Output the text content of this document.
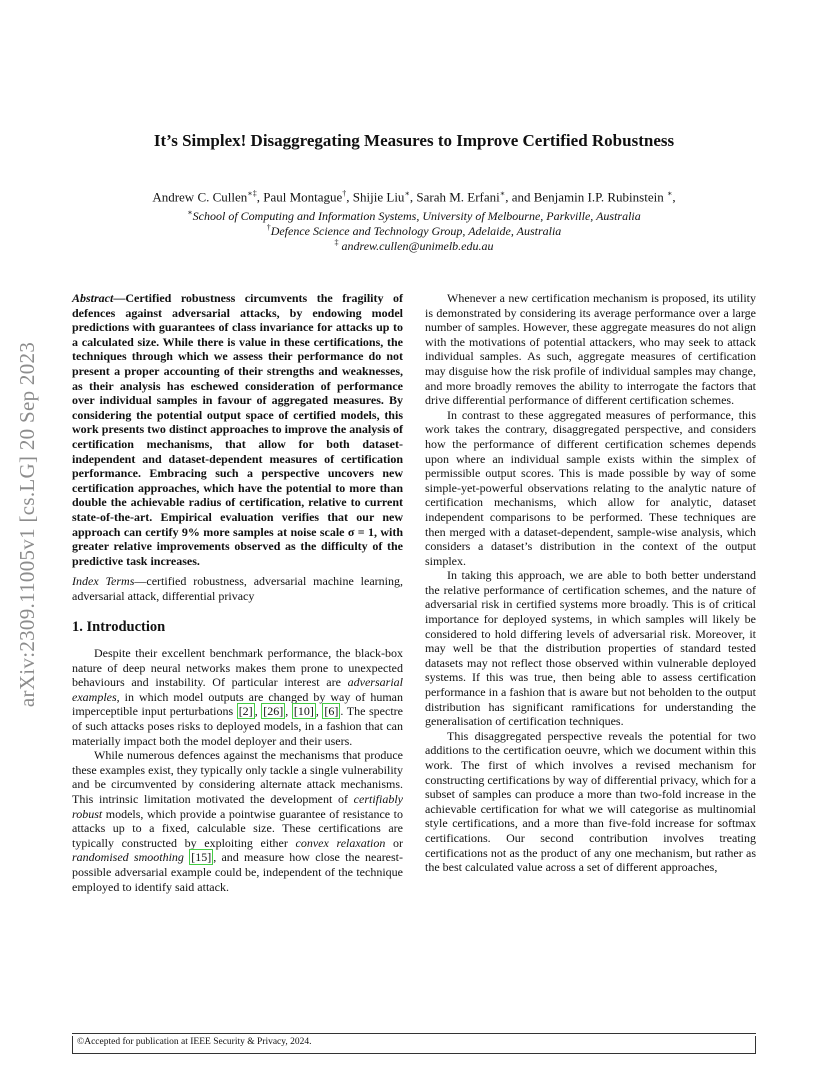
It’s Simplex! Disaggregating Measures to Improve Certified Robustness
Andrew C. Cullen∗‡, Paul Montague†, Shijie Liu∗, Sarah M. Erfani∗, and Benjamin I.P. Rubinstein ∗,
∗School of Computing and Information Systems, University of Melbourne, Parkville, Australia
†Defence Science and Technology Group, Adelaide, Australia
‡ andrew.cullen@unimelb.edu.au
arXiv:2309.11005v1 [cs.LG] 20 Sep 2023

Abstract—Certified robustness circumvents the fragility of defences against adversarial attacks, by endowing model predictions with guarantees of class invariance for attacks up to a calculated size. While there is value in these certifications, the techniques through which we assess their performance do not present a proper accounting of their strengths and weaknesses, as their analysis has eschewed consideration of performance over individual samples in favour of aggregated measures. By considering the potential output space of certified models, this work presents two distinct approaches to improve the analysis of certification mechanisms, that allow for both dataset-independent and dataset-dependent measures of certification performance. Embracing such a perspective uncovers new certification approaches, which have the potential to more than double the achievable radius of certification, relative to current state-of-the-art. Empirical evaluation verifies that our new approach can certify 9% more samples at noise scale σ = 1, with greater relative improvements observed as the difficulty of the predictive task increases.

Index Terms—certified robustness, adversarial machine learning, adversarial attack, differential privacy

1. Introduction

Despite their excellent benchmark performance, the black-box nature of deep neural networks makes them prone to unexpected behaviours and instability. Of particular interest are adversarial examples, in which model outputs are changed by way of human imperceptible input perturbations [2] , [26] , [10] , [6] . The spectre of such attacks poses risks to deployed models, in a fashion that can materially impact both the model deployer and their users.

While numerous defences against the mechanisms that produce these examples exist, they typically only tackle a single vulnerability and be circumvented by considering alternate attack mechanisms. This intrinsic limitation motivated the development of certifiably robust models, which provide a pointwise guarantee of resistance to attacks up to a fixed, calculable size. These certifications are typically constructed by exploiting either convex relaxation or randomised smoothing [15] , and measure how close the nearest-possible adversarial example could be, independent of the technique employed to identify said attack.

Whenever a new certification mechanism is proposed, its utility is demonstrated by considering its average performance over a large number of samples. However, these aggregate measures do not align with the motivations of potential attackers, who may seek to attack individual samples. As such, aggregate measures of certification may disguise how the risk profile of individual samples may change, and more broadly removes the ability to interrogate the factors that drive differential performance of different certification schemes.

In contrast to these aggregated measures of performance, this work takes the contrary, disaggregated perspective, and considers how the performance of different certification schemes depends upon where an individual sample exists within the simplex of permissible output scores. This is made possible by way of some simple-yet-powerful observations relating to the analytic nature of certification mechanisms, which allow for analytic, dataset independent comparisons to be performed. These techniques are then merged with a dataset-dependent, sample-wise analysis, which considers a dataset’s distribution in the context of the output simplex.

In taking this approach, we are able to both better understand the relative performance of certification schemes, and the nature of adversarial risk in certified systems more broadly. This is of critical importance for deployed systems, in which samples will likely be considered to hold differing levels of adversarial risk. Moreover, it may well be that the distribution properties of standard tested datasets may not reflect those observed within vulnerable deployed systems. If this was true, then being able to assess certification performance in a fashion that is aware but not beholden to the output distribution has significant ramifications for understanding the generalisation of certification techniques.

This disaggregated perspective reveals the potential for two additions to the certification oeuvre, which we document within this work. The first of which involves a revised mechanism for constructing certifications by way of differential privacy, which for a subset of samples can produce a more than two-fold increase in the achievable certification for what we will categorise as multinomial style certifications, and a more than five-fold increase for softmax certifications. Our second contribution involves treating certifications not as the product of any one mechanism, but rather as the best calculated value across a set of different approaches,

©Accepted for publication at IEEE Security & Privacy, 2024.
